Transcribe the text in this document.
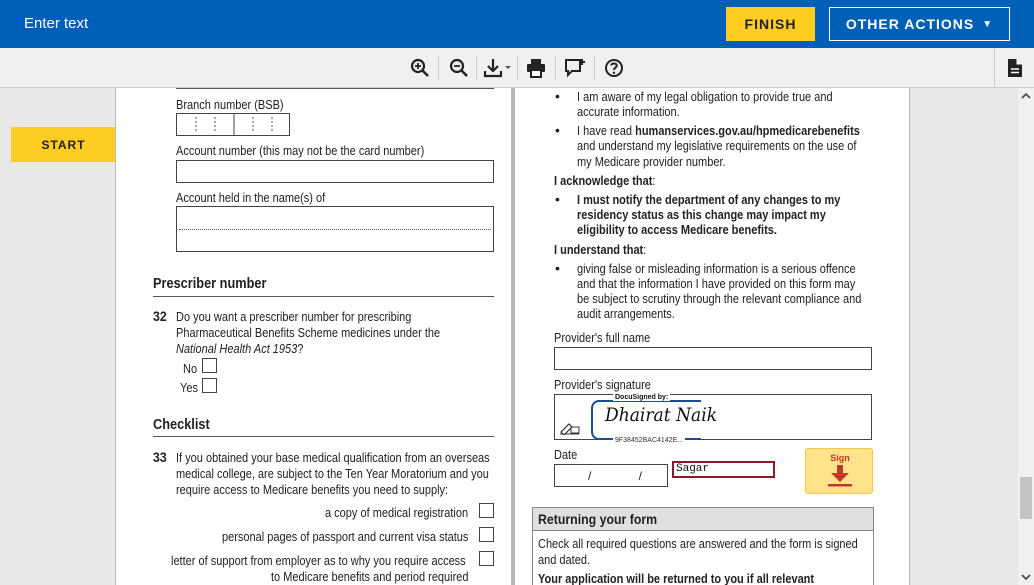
Enter text	FINISH	OTHER ACTIONS ▼
START
Branch number (BSB)
Account number (this may not be the card number)
Account held in the name(s) of
Prescriber number
32 Do you want a prescriber number for prescribing
Pharmaceutical Benefits Scheme medicines under the
National Health Act 1953?
No
Yes
Checklist
33 If you obtained your base medical qualification from an overseas
medical college, are subject to the Ten Year Moratorium and you
require access to Medicare benefits you need to supply:
a copy of medical registration
personal pages of passport and current visa status
letter of support from employer as to why you require access
to Medicare benefits and period required
• I am aware of my legal obligation to provide true and
accurate information.
• I have read humanservices.gov.au/hpmedicarebenefits
and understand my legislative requirements on the use of
my Medicare provider number.
I acknowledge that:
• I must notify the department of any changes to my
residency status as this change may impact my
eligibility to access Medicare benefits.
I understand that:
• giving false or misleading information is a serious offence
and that the information I have provided on this form may
be subject to scrutiny through the relevant compliance and
audit arrangements.
Provider's full name
Provider's signature
DocuSigned by:
Dhairat Naik
9F38452BAC4142E...
Date
/ /	Sagar
Sign
Returning your form
Check all required questions are answered and the form is signed
and dated.
Your application will be returned to you if all relevant
